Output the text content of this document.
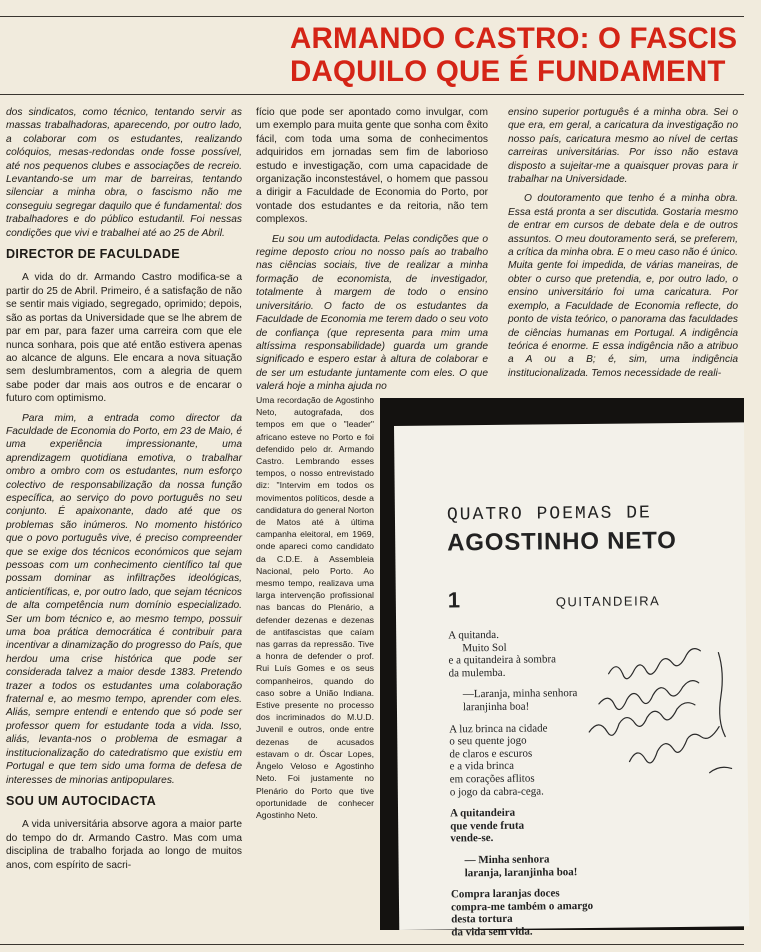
ARMANDO CASTRO: O FASCIS
DAQUILO QUE É FUNDAMENT

dos sindicatos, como técnico, tentando servir as massas trabalhadoras, aparecendo, por outro lado, a colaborar com os estudantes, realizando colóquios, mesas-redondas onde fosse possível, até nos pequenos clubes e associações de recreio. Levantando-se um mar de barreiras, tentando silenciar a minha obra, o fascismo não me conseguiu segregar daquilo que é fundamental: dos trabalhadores e do público estudantil. Foi nessas condições que vivi e trabalhei até ao 25 de Abril.

DIRECTOR DE FACULDADE

A vida do dr. Armando Castro modifica-se a partir do 25 de Abril. Primeiro, é a satisfação de não se sentir mais vigiado, segregado, oprimido; depois, são as portas da Universidade que se lhe abrem de par em par, para fazer uma carreira com que ele nunca sonhara, pois que até então estivera apenas ao alcance de alguns. Ele encara a nova situação sem deslumbramentos, com a alegria de quem sabe poder dar mais aos outros e de encarar o futuro com optimismo.

Para mim, a entrada como director da Faculdade de Economia do Porto, em 23 de Maio, é uma experiência impressionante, uma aprendizagem quotidiana emotiva, o trabalhar ombro a ombro com os estudantes, num esforço colectivo de responsabilização da nossa função específica, ao serviço do povo português no seu conjunto. É apaixonante, dado até que os problemas são inúmeros. No momento histórico que o povo português vive, é preciso compreender que se exige dos técnicos económicos que sejam pessoas com um conhecimento científico tal que possam dominar as infiltrações ideológicas, anticientíficas, e, por outro lado, que sejam técnicos de alta competência num domínio especializado. Ser um bom técnico e, ao mesmo tempo, possuir uma boa prática democrática é contribuir para incentivar a dinamização do progresso do País, que herdou uma crise histórica que pode ser considerada talvez a maior desde 1383. Pretendo trazer a todos os estudantes uma colaboração fraternal e, ao mesmo tempo, aprender com eles. Aliás, sempre entendi e entendo que só pode ser professor quem for estudante toda a vida. Isso, aliás, levanta-nos o problema de esmagar a institucionalização do catedratismo que existiu em Portugal e que tem sido uma forma de defesa de interesses de minorias antipopulares.

SOU UM AUTOCIDACTA

A vida universitária absorve agora a maior parte do tempo do dr. Armando Castro. Mas com uma disciplina de trabalho forjada ao longo de muitos anos, com espírito de sacri-

fício que pode ser apontado como invulgar, com um exemplo para muita gente que sonha com êxito fácil, com toda uma soma de conhecimentos adquiridos em jornadas sem fim de laborioso estudo e investigação, com uma capacidade de organização inconstestável, o homem que passou a dirigir a Faculdade de Economia do Porto, por vontade dos estudantes e da reitoria, não tem complexos.

Eu sou um autodidacta. Pelas condições que o regime deposto criou no nosso país ao trabalho nas ciências sociais, tive de realizar a minha formação de economista, de investigador, totalmente à margem de todo o ensino universitário. O facto de os estudantes da Faculdade de Economia me terem dado o seu voto de confiança (que representa para mim uma altíssima responsabilidade) guarda um grande significado e espero estar à altura de colaborar e de ser um estudante juntamente com eles. O que valerá hoje a minha ajuda no

ensino superior português é a minha obra. Sei o que era, em geral, a caricatura da investigação no nosso país, caricatura mesmo ao nível de certas carreiras universitárias. Por isso não estava disposto a sujeitar-me a quaisquer provas para ir trabalhar na Universidade.

O doutoramento que tenho é a minha obra. Essa está pronta a ser discutida. Gostaria mesmo de entrar em cursos de debate dela e de outros assuntos. O meu doutoramento será, se preferem, a crítica da minha obra. E o meu caso não é único. Muita gente foi impedida, de várias maneiras, de obter o curso que pretendia, e, por outro lado, o ensino universitário foi uma caricatura. Por exemplo, a Faculdade de Economia reflecte, do ponto de vista teórico, o panorama das faculdades de ciências humanas em Portugal. A indigência teórica é enorme. E essa indigência não a atribuo a A ou a B; é, sim, uma indigência institucionalizada. Temos necessidade de reali-

Uma recordação de Agostinho Neto, autografada, dos tempos em que o "leader" africano esteve no Porto e foi defendido pelo dr. Armando Castro. Lembrando esses tempos, o nosso entrevistado diz: "Intervim em todos os movimentos políticos, desde a candidatura do general Norton de Matos até à última campanha eleitoral, em 1969, onde apareci como candidato da C.D.E. à Assembleia Nacional, pelo Porto. Ao mesmo tempo, realizava uma larga intervenção profissional nas bancas do Plenário, a defender dezenas e dezenas de antifascistas que caíam nas garras da repressão. Tive a honra de defender o prof. Rui Luís Gomes e os seus companheiros, quando do caso sobre a União Indiana. Estive presente no processo dos incriminados do M.U.D. Juvenil e outros, onde entre dezenas de acusados estavam o dr. Óscar Lopes, Ângelo Veloso e Agostinho Neto. Foi justamente no Plenário do Porto que tive oportunidade de conhecer Agostinho Neto.
QUATRO POEMAS DE
AGOSTINHO NETO
1	QUITANDEIRA
A quitanda.
Muito Sol
e a quitandeira à sombra
da mulemba.
—Laranja, minha senhora
laranjinha boa!
A luz brinca na cidade
o seu quente jogo
de claros e escuros
e a vida brinca
em corações aflitos
o jogo da cabra-cega.
A quitandeira
que vende fruta
vende-se.
— Minha senhora
laranja, laranjinha boa!
Compra laranjas doces
compra-me também o amargo
desta tortura
da vida sem vida.
